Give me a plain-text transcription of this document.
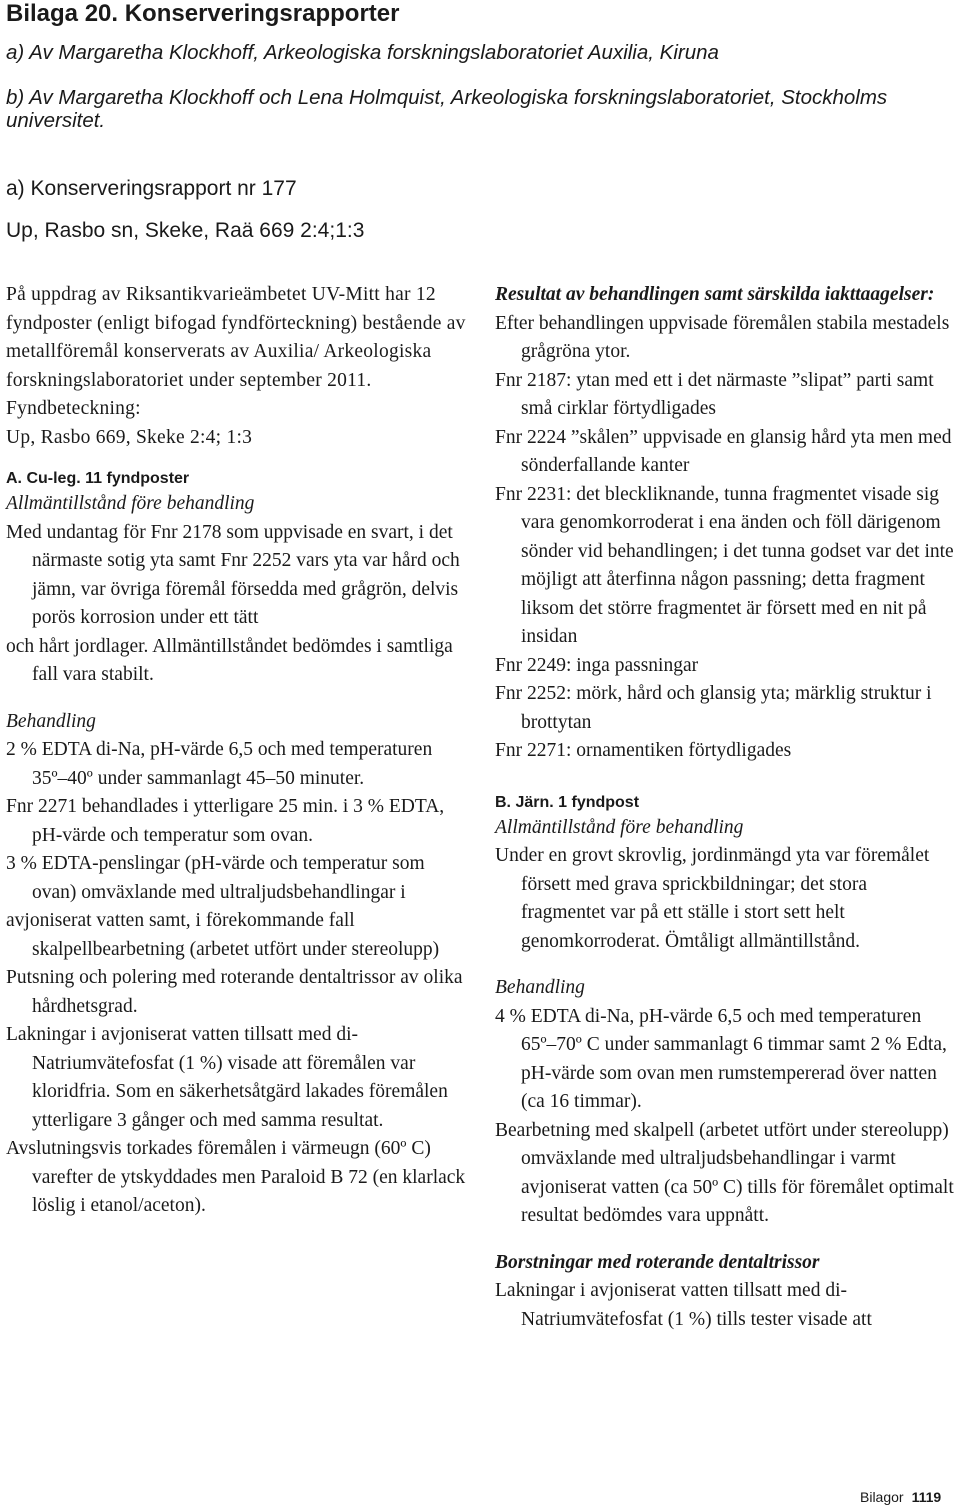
Bilaga 20. Konserveringsrapporter
a) Av Margaretha Klockhoff, Arkeologiska forskningslaboratoriet Auxilia, Kiruna
b) Av Margaretha Klockhoff och Lena Holmquist, Arkeologiska forskningslaboratoriet, Stockholms universitet.
a) Konserveringsrapport nr 177
Up, Rasbo sn, Skeke, Raä 669 2:4;1:3
På uppdrag av Riksantikvarieämbetet UV-Mitt har 12 fyndposter (enligt bifogad fyndförteckning) bestående av metallföremål konserverats av Auxilia/ Arkeologiska forskningslaboratoriet under september 2011.
Fyndbeteckning:
Up, Rasbo 669, Skeke 2:4; 1:3

A. Cu-leg. 11 fyndposter

Allmäntillstånd före behandling

Med undantag för Fnr 2178 som uppvisade en svart, i det närmaste sotig yta samt Fnr 2252 vars yta var hård och jämn, var övriga föremål försedda med grågrön, delvis porös korrosion under ett tätt

och hårt jordlager. Allmäntillståndet bedömdes i samtliga fall vara stabilt.

Behandling

2 % EDTA di-Na, pH-värde 6,5 och med temperaturen 35º–40º under sammanlagt 45–50 minuter.

Fnr 2271 behandlades i ytterligare 25 min. i 3 % EDTA, pH-värde och temperatur som ovan.

3 % EDTA-penslingar (pH-värde och temperatur som ovan) omväxlande med ultraljudsbehandlingar i

avjoniserat vatten samt, i förekommande fall skalpellbearbetning (arbetet utfört under stereolupp)

Putsning och polering med roterande dentaltrissor av olika hårdhetsgrad.

Lakningar i avjoniserat vatten tillsatt med di-Natriumvätefosfat (1 %) visade att föremålen var kloridfria. Som en säkerhetsåtgärd lakades föremålen ytterligare 3 gånger och med samma resultat.

Avslutningsvis torkades föremålen i värmeugn (60º C) varefter de ytskyddades men Paraloid B 72 (en klarlack löslig i etanol/aceton).

Resultat av behandlingen samt särskilda iakttaagelser:

Efter behandlingen uppvisade föremålen stabila mestadels grågröna ytor.

Fnr 2187: ytan med ett i det närmaste ”slipat” parti samt små cirklar förtydligades

Fnr 2224 ”skålen” uppvisade en glansig hård yta men med sönderfallande kanter

Fnr 2231: det bleckliknande, tunna fragmentet visade sig vara genomkorroderat i ena änden och föll därigenom sönder vid behandlingen; i det tunna godset var det inte möjligt att återfinna någon passning; detta fragment liksom det större fragmentet är försett med en nit på insidan

Fnr 2249: inga passningar

Fnr 2252: mörk, hård och glansig yta; märklig struktur i brottytan

Fnr 2271: ornamentiken förtydligades

B. Järn. 1 fyndpost

Allmäntillstånd före behandling

Under en grovt skrovlig, jordinmängd yta var föremålet försett med grava sprickbildningar; det stora fragmentet var på ett ställe i stort sett helt genomkorroderat. Ömtåligt allmäntillstånd.

Behandling

4 % EDTA di-Na, pH-värde 6,5 och med temperaturen 65º–70º C under sammanlagt 6 timmar samt 2 % Edta, pH-värde som ovan men rumstempererad över natten (ca 16 timmar).

Bearbetning med skalpell (arbetet utfört under stereolupp) omväxlande med ultraljudsbehandlingar i varmt avjoniserat vatten (ca 50º C) tills för föremålet optimalt resultat bedömdes vara uppnått.

Borstningar med roterande dentaltrissor

Lakningar i avjoniserat vatten tillsatt med di-Natriumvätefosfat (1 %) tills tester visade att

Bilagor 1119
